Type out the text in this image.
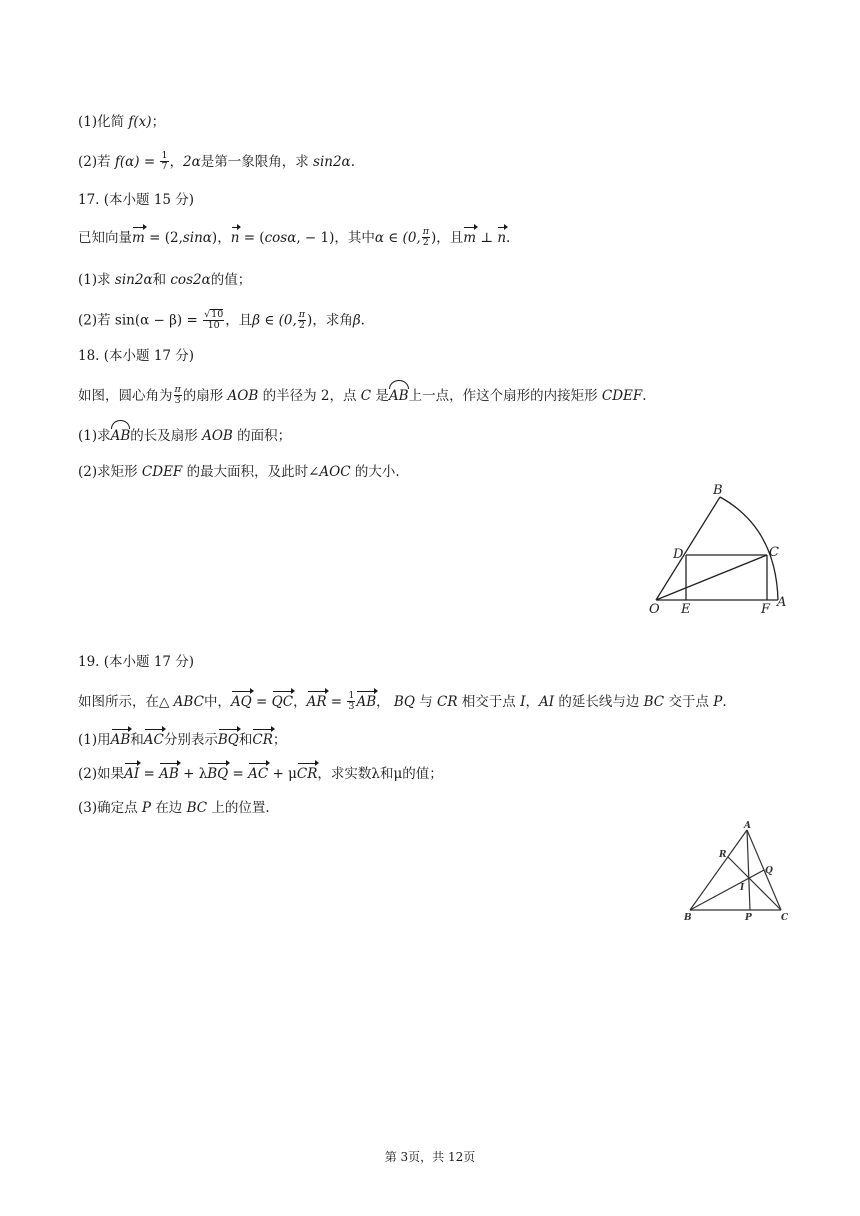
(1)化简 f(x)；
(2)若 $f(\alpha) = \frac{1}{7}$ ，2α是第一象限角，求 sin2α.
17. (本小题 15 分)
已知向量m = (2,sinα)，n = (cosα, − 1)，其中α ∈ (0, $\frac{\pi}{2}$ )，且m ⊥ n.
(1)求 sin2α和 cos2α的值；
(2)若 $\sin(\alpha - \beta) = \frac{√10}{10}$ ，且β ∈ (0, $\frac{\pi}{2}$ )，求角β.
18. (本小题 17 分)
如图，圆心角为 $\frac{\pi}{3}$ 的扇形 AOB 的半径为 2，点 C 是AB上一点，作这个扇形的内接矩形 CDEF.
(1)求AB的长及扇形 AOB 的面积；
(2)求矩形 CDEF 的最大面积，及此时∠AOC 的大小.
B
D	C
O E	F A
19. (本小题 17 分)
如图所示，在△ ABC中，AQ = QC，AR = $\frac{1}{3}$ AB， BQ 与 CR 相交于点 I，AI 的延长线与边 BC 交于点 P.
(1)用AB和AC分别表示BQ和CR；
(2)如果AI = AB + λBQ = AC + μCR，求实数λ和μ的值；
(3)确定点 P 在边 BC 上的位置.
A
R
Q
I
B	P	C
第 3页，共 12页
